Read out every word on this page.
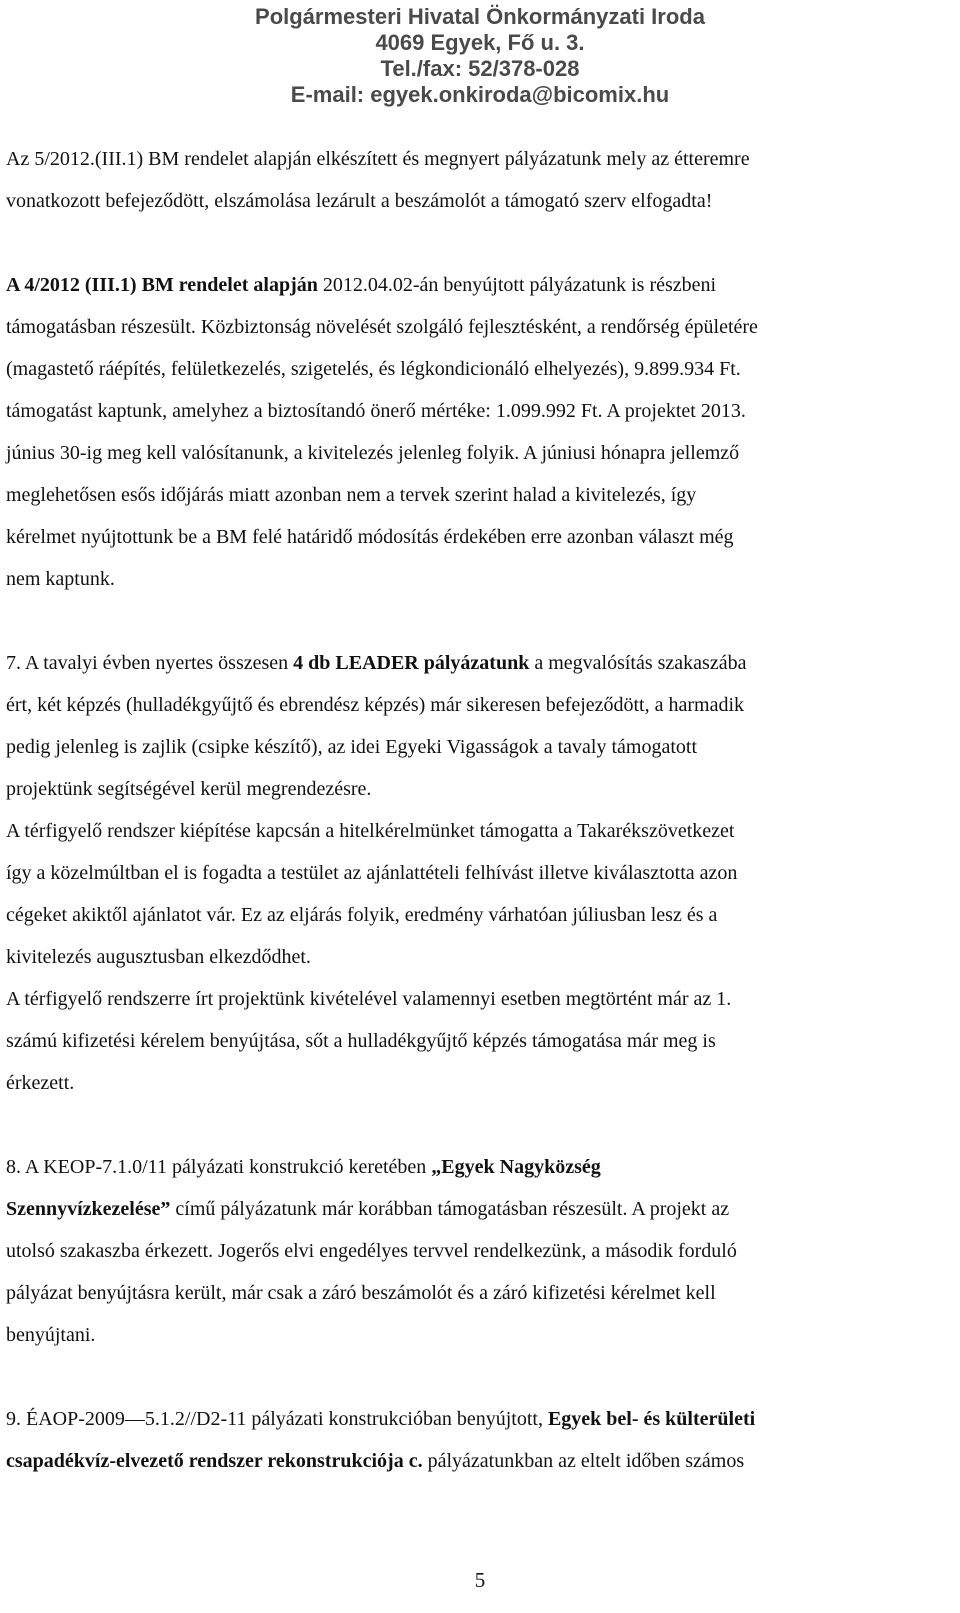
Polgármesteri Hivatal Önkormányzati Iroda
4069 Egyek, Fő u. 3.
Tel./fax: 52/378-028
E-mail: egyek.onkiroda@bicomix.hu
Az 5/2012.(III.1) BM rendelet alapján elkészített és megnyert pályázatunk mely az étteremre
vonatkozott befejeződött, elszámolása lezárult a beszámolót a támogató szerv elfogadta!
A 4/2012 (III.1) BM rendelet alapján 2012.04.02-án benyújtott pályázatunk is részbeni
támogatásban részesült. Közbiztonság növelését szolgáló fejlesztésként, a rendőrség épületére
(magastető ráépítés, felületkezelés, szigetelés, és légkondicionáló elhelyezés), 9.899.934 Ft.
támogatást kaptunk, amelyhez a biztosítandó önerő mértéke: 1.099.992 Ft. A projektet 2013.
június 30-ig meg kell valósítanunk, a kivitelezés jelenleg folyik. A júniusi hónapra jellemző
meglehetősen esős időjárás miatt azonban nem a tervek szerint halad a kivitelezés, így
kérelmet nyújtottunk be a BM felé határidő módosítás érdekében erre azonban választ még
nem kaptunk.
7. A tavalyi évben nyertes összesen 4 db LEADER pályázatunk a megvalósítás szakaszába
ért, két képzés (hulladékgyűjtő és ebrendész képzés) már sikeresen befejeződött, a harmadik
pedig jelenleg is zajlik (csipke készítő), az idei Egyeki Vigasságok a tavaly támogatott
projektünk segítségével kerül megrendezésre.
A térfigyelő rendszer kiépítése kapcsán a hitelkérelmünket támogatta a Takarékszövetkezet
így a közelmúltban el is fogadta a testület az ajánlattételi felhívást illetve kiválasztotta azon
cégeket akiktől ajánlatot vár. Ez az eljárás folyik, eredmény várhatóan júliusban lesz és a
kivitelezés augusztusban elkezdődhet.
A térfigyelő rendszerre írt projektünk kivételével valamennyi esetben megtörtént már az 1.
számú kifizetési kérelem benyújtása, sőt a hulladékgyűjtő képzés támogatása már meg is
érkezett.
8. A KEOP-7.1.0/11 pályázati konstrukció keretében „Egyek Nagyközség
Szennyvízkezelése” című pályázatunk már korábban támogatásban részesült. A projekt az
utolsó szakaszba érkezett. Jogerős elvi engedélyes tervvel rendelkezünk, a második forduló
pályázat benyújtásra került, már csak a záró beszámolót és a záró kifizetési kérelmet kell
benyújtani.
9. ÉAOP-2009—5.1.2//D2-11 pályázati konstrukcióban benyújtott, Egyek bel- és külterületi
csapadékvíz-elvezető rendszer rekonstrukciója c. pályázatunkban az eltelt időben számos
5
